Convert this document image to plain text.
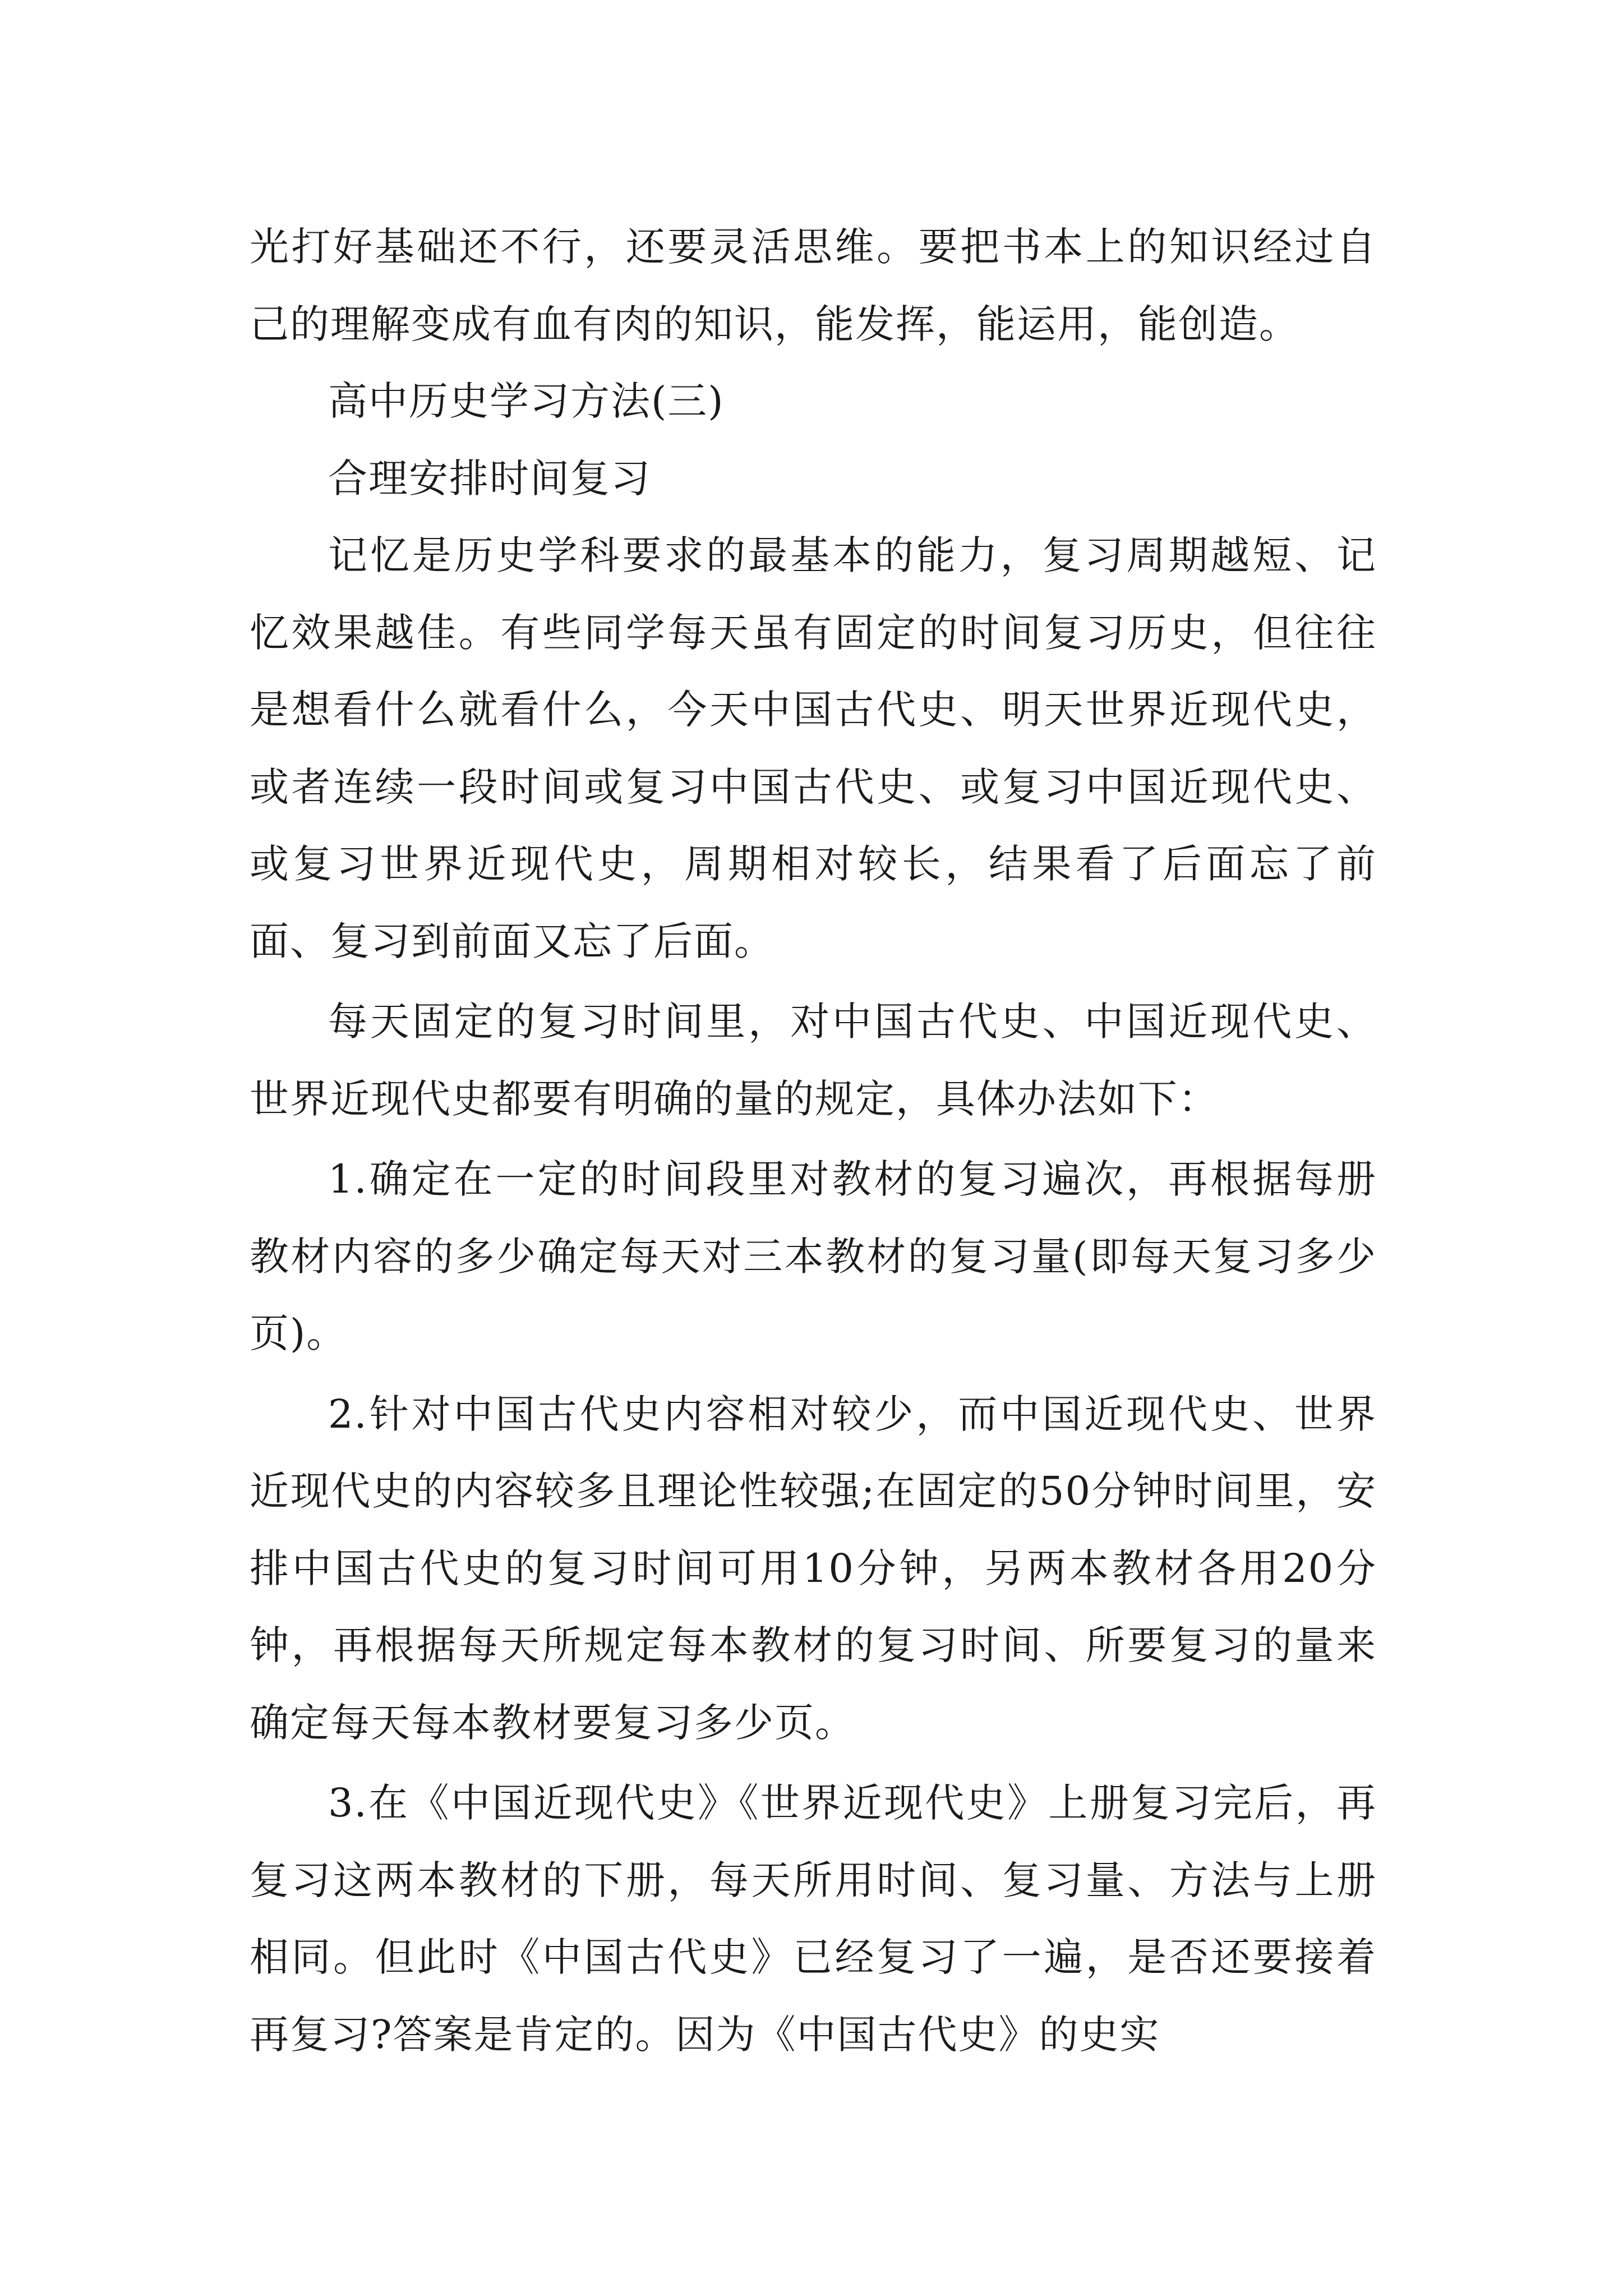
光打好基础还不行，还要灵活思维。要把书本上的知识经过自己的理解变成有血有肉的知识，能发挥，能运用，能创造。

高中历史学习方法(三)

合理安排时间复习

记忆是历史学科要求的最基本的能力，复习周期越短、记忆效果越佳。有些同学每天虽有固定的时间复习历史，但往往是想看什么就看什么，今天中国古代史、明天世界近现代史，或者连续一段时间或复习中国古代史、或复习中国近现代史、或复习世界近现代史，周期相对较长，结果看了后面忘了前面、复习到前面又忘了后面。

每天固定的复习时间里，对中国古代史、中国近现代史、世界近现代史都要有明确的量的规定，具体办法如下：

1.确定在一定的时间段里对教材的复习遍次，再根据每册教材内容的多少确定每天对三本教材的复习量(即每天复习多少页)。

2.针对中国古代史内容相对较少，而中国近现代史、世界近现代史的内容较多且理论性较强;在固定的50分钟时间里，安排中国古代史的复习时间可用10分钟，另两本教材各用20分钟，再根据每天所规定每本教材的复习时间、所要复习的量来确定每天每本教材要复习多少页。

3.在《中国近现代史》《世界近现代史》上册复习完后，再复习这两本教材的下册，每天所用时间、复习量、方法与上册相同。但此时《中国古代史》已经复习了一遍，是否还要接着再复习?答案是肯定的。因为《中国古代史》的史实
